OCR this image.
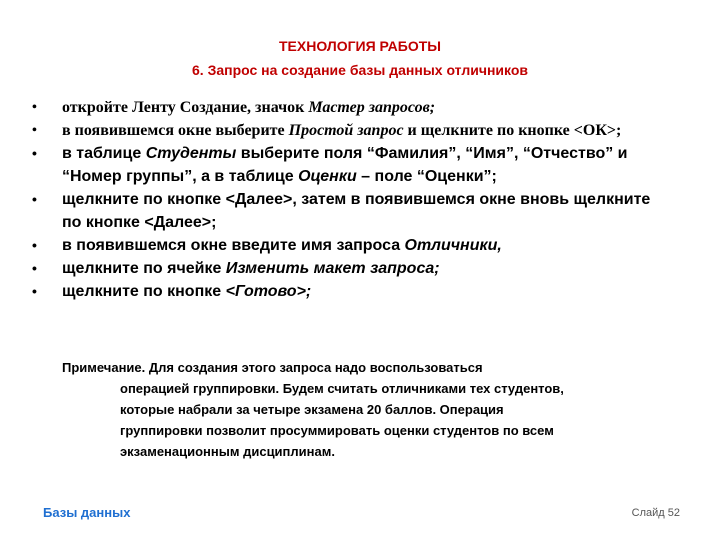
ТЕХНОЛОГИЯ РАБОТЫ
6. Запрос на создание базы данных отличников
• откройте Ленту Создание, значок Мастер запросов;
• в появившемся окне выберите Простой запрос и щелкните по кнопке <ОК>;
• в таблице Студенты выберите поля “Фамилия”, “Имя”, “Отчество” и “Номер группы”, а в таблице Оценки – поле “Оценки”;
• щелкните по кнопке <Далее>, затем в появившемся окне вновь щелкните по кнопке <Далее>;
• в появившемся окне введите имя запроса Отличники,
• щелкните по ячейке Изменить макет запроса;
• щелкните по кнопке <Готово>;
Примечание. Для создания этого запроса надо воспользоваться
операцией группировки. Будем считать отличниками тех студентов,
которые набрали за четыре экзамена 20 баллов. Операция
группировки позволит просуммировать оценки студентов по всем
экзаменационным дисциплинам.
Базы данных	Слайд 52
